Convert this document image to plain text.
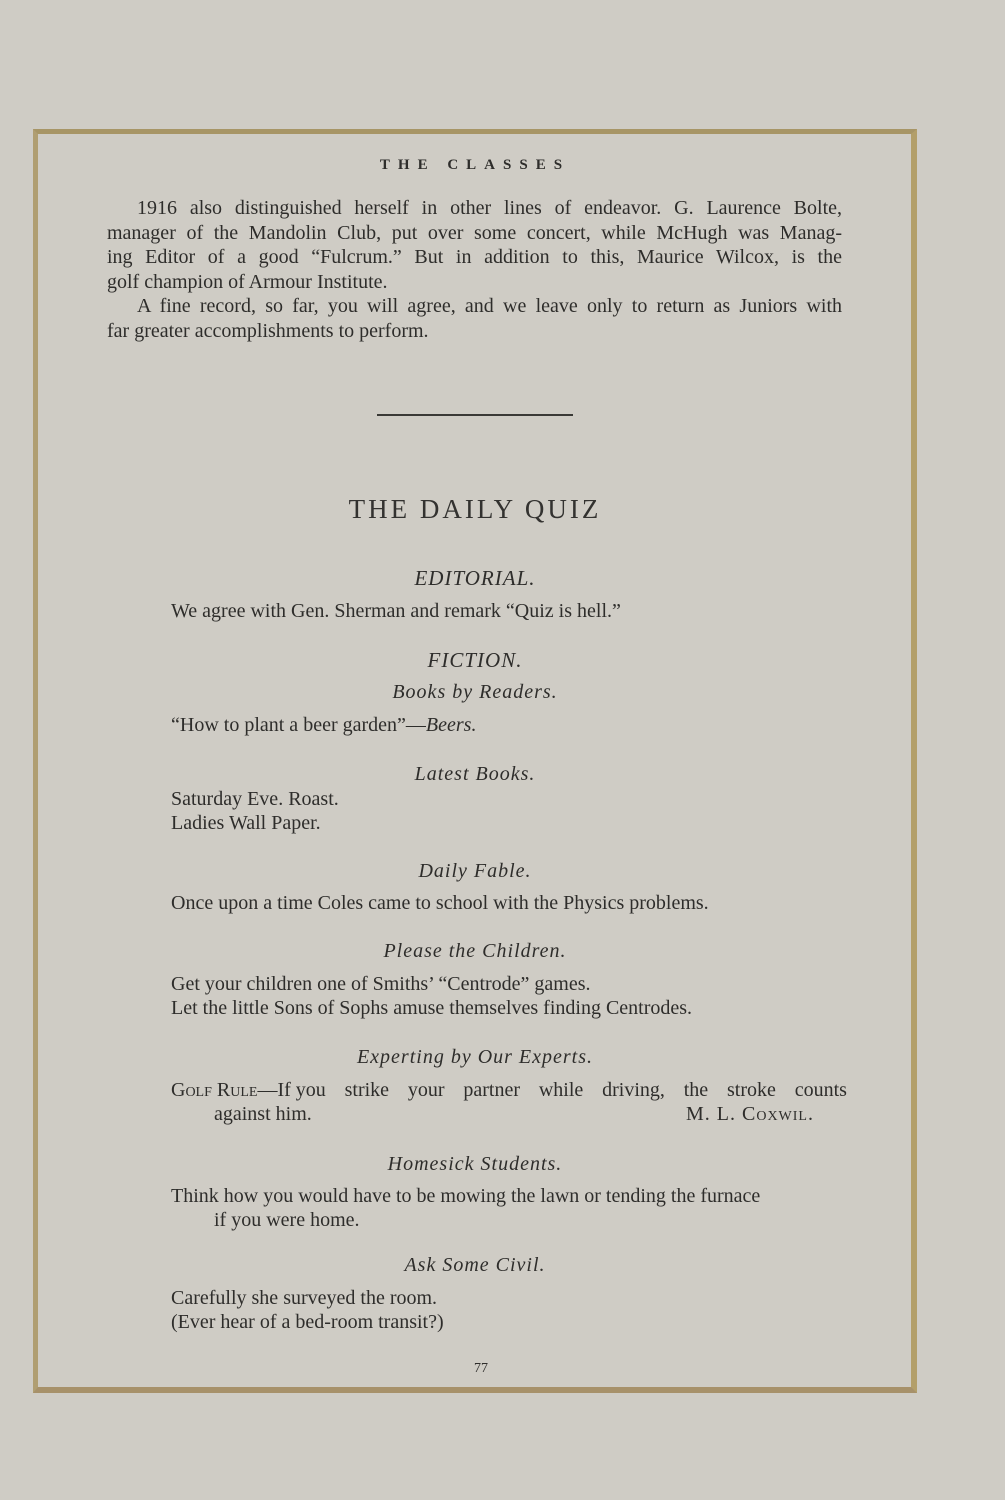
THE CLASSES

1916 also distinguished herself in other lines of endeavor. G. Laurence Bolte,
manager of the Mandolin Club, put over some concert, while McHugh was Manag-
ing Editor of a good “Fulcrum.” But in addition to this, Maurice Wilcox, is the
golf champion of Armour Institute.
A fine record, so far, you will agree, and we leave only to return as Juniors with
far greater accomplishments to perform.
THE DAILY QUIZ

EDITORIAL.

We agree with Gen. Sherman and remark “Quiz is hell.”

FICTION.

Books by Readers.

“How to plant a beer garden”—Beers.

Latest Books.

Saturday Eve. Roast.

Ladies Wall Paper.

Daily Fable.

Once upon a time Coles came to school with the Physics problems.

Please the Children.

Get your children one of Smiths’ “Centrode” games.

Let the little Sons of Sophs amuse themselves finding Centrodes.

Experting by Our Experts.

Golf Rule—If you strike your partner while driving, the stroke counts

against him.	M. L. Coxwil.

Homesick Students.

Think how you would have to be mowing the lawn or tending the furnace

if you were home.

Ask Some Civil.

Carefully she surveyed the room.

(Ever hear of a bed-room transit?)

77
